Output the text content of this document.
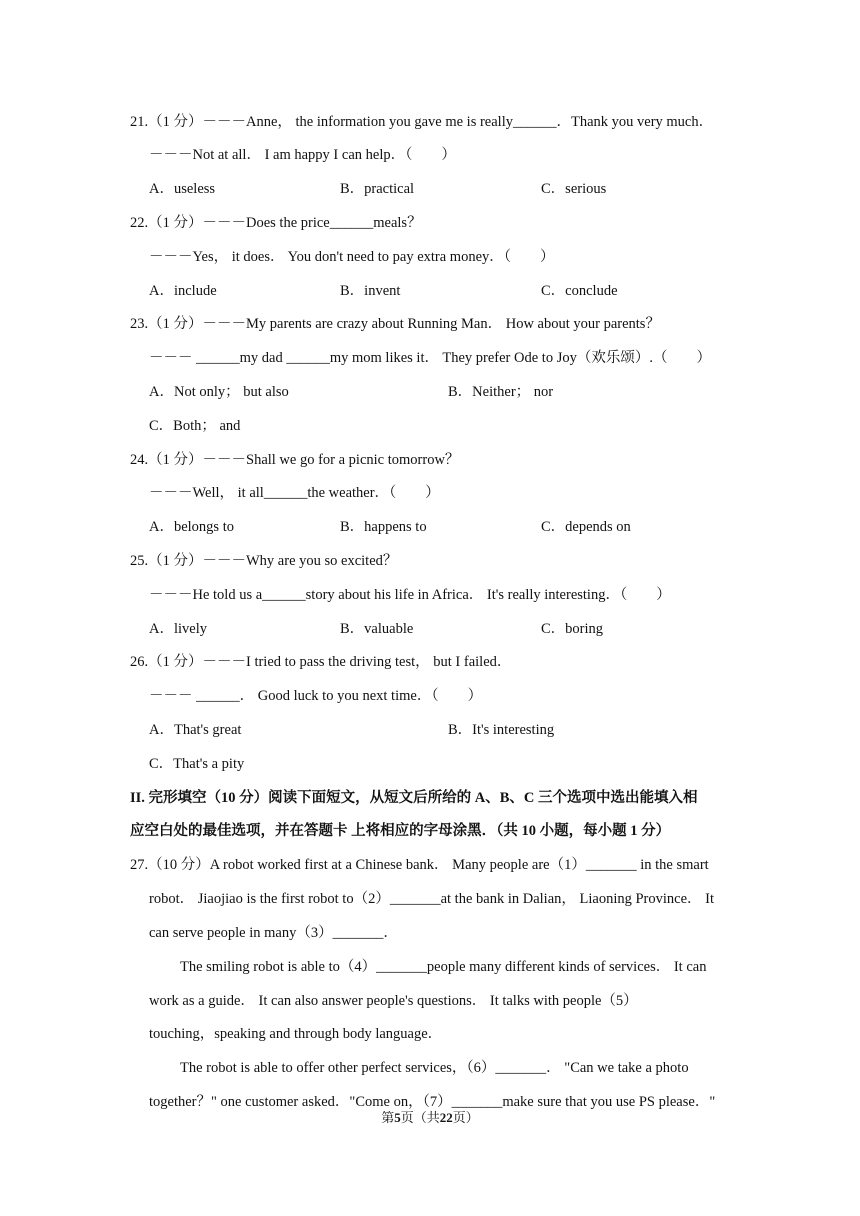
21.（1 分）－－－Anne， the information you gave me is really______．Thank you very much．
－－－Not at all． I am happy I can help．（　　）
A．useless	B．practical	C．serious
22.（1 分）－－－Does the price______meals？
－－－Yes， it does． You don't need to pay extra money．（　　）
A．include	B．invent	C．conclude
23.（1 分）－－－My parents are crazy about Running Man． How about your parents？
－－－ ______my dad ______my mom likes it． They prefer Ode to Joy（欢乐颂）.（　　）
A．Not only； but also	B．Neither； nor
C．Both； and
24.（1 分）－－－Shall we go for a picnic tomorrow？
－－－Well， it all______the weather．（　　）
A．belongs to	B．happens to	C．depends on
25.（1 分）－－－Why are you so excited？
－－－He told us a______story about his life in Africa． It's really interesting．（　　）
A．lively	B．valuable	C．boring
26.（1 分）－－－I tried to pass the driving test， but I failed．
－－－ ______． Good luck to you next time．（　　）
A．That's great	B．It's interesting
C．That's a pity
II. 完形填空（10 分）阅读下面短文，从短文后所给的 A、B、C 三个选项中选出能填入相
应空白处的最佳选项，并在答题卡 上将相应的字母涂黑．（共 10 小题，每小题 1 分）
27.（10 分）A robot worked first at a Chinese bank． Many people are（1）_______ in the smart
robot． Jiaojiao is the first robot to（2）_______at the bank in Dalian， Liaoning Province． It
can serve people in many（3）_______．
The smiling robot is able to（4）_______people many different kinds of services． It can
work as a guide． It can also answer people's questions． It talks with people（5）
touching，speaking and through body language．
The robot is able to offer other perfect services，（6）_______． "Can we take a photo
together？" one customer asked．"Come on，（7）_______make sure that you use PS please．"
第5页（共22页）
